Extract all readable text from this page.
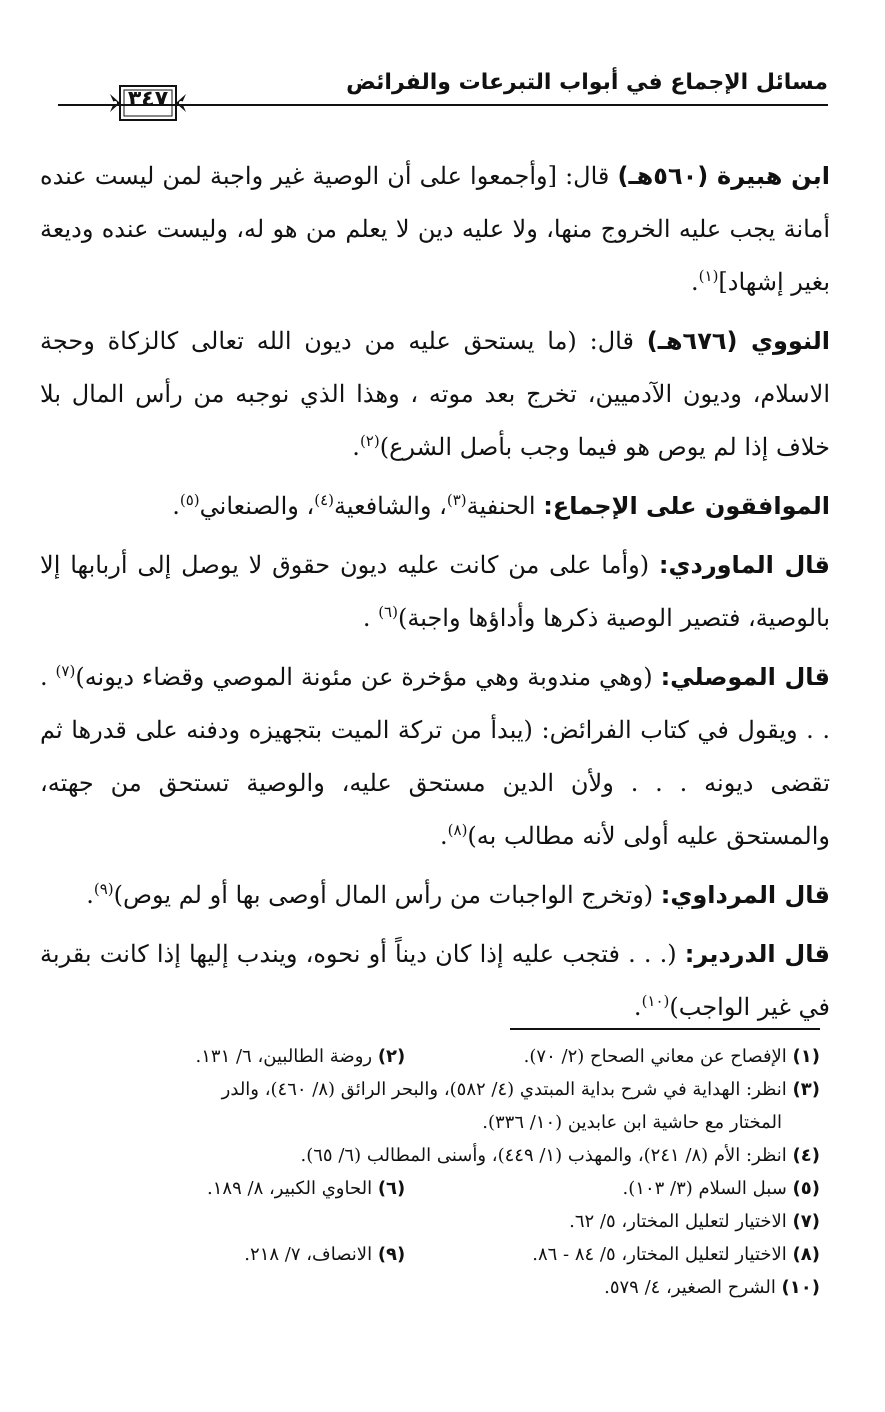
مسائل الإجماع في أبواب التبرعات والفرائض
٣٤٧

ابن هبيرة (٥٦٠هـ) قال: [وأجمعوا على أن الوصية غير واجبة لمن ليست عنده أمانة يجب عليه الخروج منها، ولا عليه دين لا يعلم من هو له، وليست عنده وديعة بغير إشهاد]$^{(١)}$.

النووي (٦٧٦هـ) قال: (ما يستحق عليه من ديون الله تعالى كالزكاة وحجة الاسلام، وديون الآدميين، تخرج بعد موته ، وهذا الذي نوجبه من رأس المال بلا خلاف إذا لم يوص هو فيما وجب بأصل الشرع)$^{(٢)}$.

الموافقون على الإجماع: الحنفية$^{(٣)}$، والشافعية$^{(٤)}$، والصنعاني$^{(٥)}$.

قال الماوردي: (وأما على من كانت عليه ديون حقوق لا يوصل إلى أربابها إلا بالوصية، فتصير الوصية ذكرها وأداؤها واجبة)$^{(٦)}$ .

قال الموصلي: (وهي مندوبة وهي مؤخرة عن مئونة الموصي وقضاء ديونه)$^{(٧)}$ . . . ويقول في كتاب الفرائض: (يبدأ من تركة الميت بتجهيزه ودفنه على قدرها ثم تقضى ديونه . . . ولأن الدين مستحق عليه، والوصية تستحق من جهته، والمستحق عليه أولى لأنه مطالب به)$^{(٨)}$.

قال المرداوي: (وتخرج الواجبات من رأس المال أوصى بها أو لم يوص)$^{(٩)}$.

قال الدردير: (. . . فتجب عليه إذا كان ديناً أو نحوه، ويندب إليها إذا كانت بقربة في غير الواجب)$^{(١٠)}$.

(١) الإفصاح عن معاني الصحاح (٢/ ٧٠).
(٢) روضة الطالبين، ٦/ ١٣١.
(٣) انظر: الهداية في شرح بداية المبتدي (٤/ ٥٨٢)، والبحر الرائق (٨/ ٤٦٠)، والدر
المختار مع حاشية ابن عابدين (١٠/ ٣٣٦).
(٤) انظر: الأم (٨/ ٢٤١)، والمهذب (١/ ٤٤٩)، وأسنى المطالب (٦/ ٦٥).
(٥) سبل السلام (٣/ ١٠٣).
(٦) الحاوي الكبير، ٨/ ١٨٩.
(٧) الاختيار لتعليل المختار، ٥/ ٦٢.
(٨) الاختيار لتعليل المختار، ٥/ ٨٤ - ٨٦.
(٩) الانصاف، ٧/ ٢١٨.
(١٠) الشرح الصغير، ٤/ ٥٧٩.
